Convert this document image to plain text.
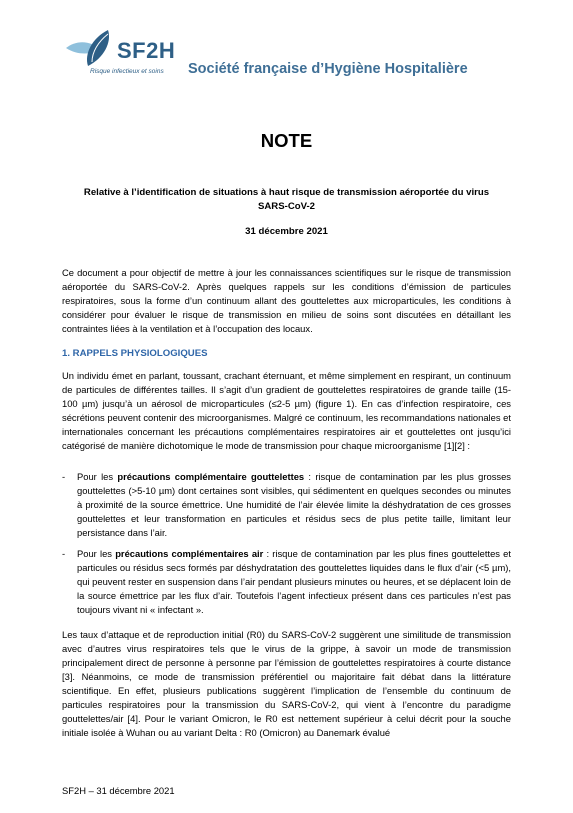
SF2H
Risque infectieux et soins Société française d’Hygiène Hospitalière
NOTE
Relative à l’identification de situations à haut risque de transmission aéroportée du virus SARS-CoV-2
31 décembre 2021

Ce document a pour objectif de mettre à jour les connaissances scientifiques sur le risque de transmission aéroportée du SARS-CoV-2. Après quelques rappels sur les conditions d’émission de particules respiratoires, sous la forme d’un continuum allant des gouttelettes aux microparticules, les conditions à considérer pour évaluer le risque de transmission en milieu de soins sont discutées en détaillant les contraintes liées à la ventilation et à l’occupation des locaux.

1. RAPPELS PHYSIOLOGIQUES

Un individu émet en parlant, toussant, crachant éternuant, et même simplement en respirant, un continuum de particules de différentes tailles. Il s’agit d’un gradient de gouttelettes respiratoires de grande taille (15-100 µm) jusqu’à un aérosol de microparticules (≤2-5 µm) (figure 1). En cas d’infection respiratoire, ces sécrétions peuvent contenir des microorganismes. Malgré ce continuum, les recommandations nationales et internationales concernant les précautions complémentaires respiratoires air et gouttelettes ont jusqu’ici catégorisé de manière dichotomique le mode de transmission pour chaque microorganisme [1][2] :

- Pour les précautions complémentaire gouttelettes : risque de contamination par les plus grosses gouttelettes (>5-10 µm) dont certaines sont visibles, qui sédimentent en quelques secondes ou minutes à proximité de la source émettrice. Une humidité de l’air élevée limite la déshydratation de ces grosses gouttelettes et leur transformation en particules et résidus secs de plus petite taille, limitant leur persistance dans l’air.
- Pour les précautions complémentaires air : risque de contamination par les plus fines gouttelettes et particules ou résidus secs formés par déshydratation des gouttelettes liquides dans le flux d’air (<5 µm), qui peuvent rester en suspension dans l’air pendant plusieurs minutes ou heures, et se déplacent loin de la source émettrice par les flux d’air. Toutefois l’agent infectieux présent dans ces particules n’est pas toujours vivant ni « infectant ».

Les taux d’attaque et de reproduction initial (R0) du SARS-CoV-2 suggèrent une similitude de transmission avec d’autres virus respiratoires tels que le virus de la grippe, à savoir un mode de transmission principalement direct de personne à personne par l’émission de gouttelettes respiratoires à courte distance [3]. Néanmoins, ce mode de transmission préférentiel ou majoritaire fait débat dans la littérature scientifique. En effet, plusieurs publications suggèrent l’implication de l’ensemble du continuum de particules respiratoires pour la transmission du SARS-CoV-2, qui vient à l’encontre du paradigme gouttelettes/air [4]. Pour le variant Omicron, le R0 est nettement supérieur à celui décrit pour la souche initiale isolée à Wuhan ou au variant Delta : R0 (Omicron) au Danemark évalué

SF2H – 31 décembre 2021
